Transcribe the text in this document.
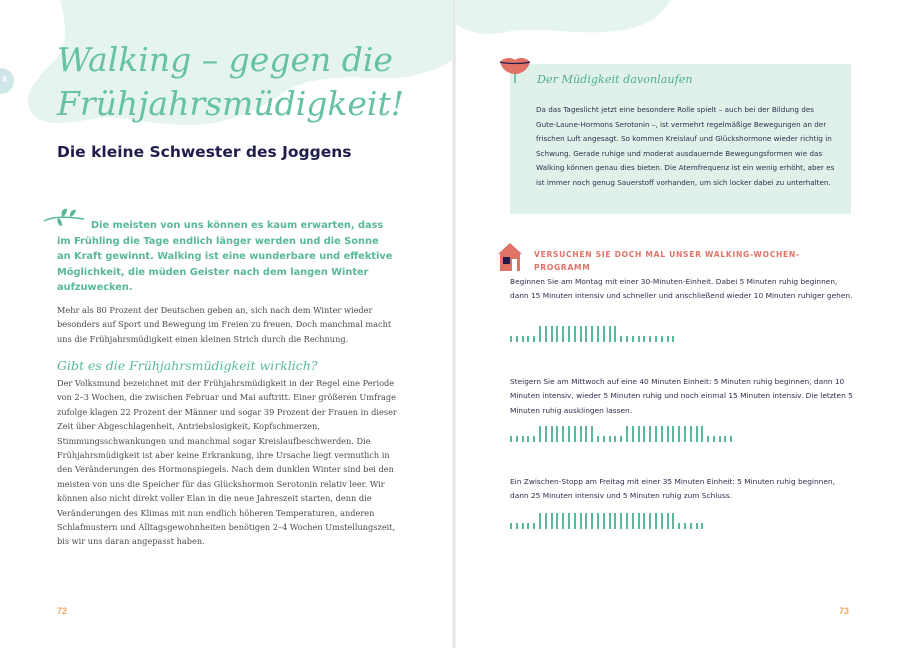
8
Walking – gegen die Frühjahrsmüdigkeit!
Die kleine Schwester des Joggens

Die meisten von uns können es kaum erwarten, dass im Frühling die Tage endlich länger werden und die Sonne an Kraft gewinnt. Walking ist eine wunderbare und effektive Möglichkeit, die müden Geister nach dem langen Winter aufzuwecken.

Mehr als 80 Prozent der Deutschen geben an, sich nach dem Winter wieder besonders auf Sport und Bewegung im Freien zu freuen. Doch manchmal macht uns die Frühjahrsmüdigkeit einen kleinen Strich durch die Rechnung.

Gibt es die Frühjahrsmüdigkeit wirklich?

Der Volksmund bezeichnet mit der Frühjahrsmüdigkeit in der Regel eine Periode von 2–3 Wochen, die zwischen Februar und Mai auftritt. Einer größeren Umfrage zufolge klagen 22 Prozent der Männer und sogar 39 Prozent der Frauen in dieser Zeit über Abgeschlagenheit, Antriebslosigkeit, Kopfschmerzen, Stimmungsschwankungen und manchmal sogar Kreislaufbeschwerden. Die Frühjahrsmüdigkeit ist aber keine Erkrankung, ihre Ursache liegt vermutlich in den Veränderungen des Hormonspiegels. Nach dem dunklen Winter sind bei den meisten von uns die Speicher für das Glückshormon Serotonin relativ leer. Wir können also nicht direkt voller Elan in die neue Jahreszeit starten, denn die Veränderungen des Klimas mit nun endlich höheren Temperaturen, anderen Schlafmustern und Alltagsgewohnheiten benötigen 2–4 Wochen Umstellungszeit, bis wir uns daran angepasst haben.

72

Der Müdigkeit davonlaufen

Da das Tageslicht jetzt eine besondere Rolle spielt – auch bei der Bildung des Gute-Laune-Hormons Serotonin –, ist vermehrt regelmäßige Bewegungen an der frischen Luft angesagt. So kommen Kreislauf und Glückshormone wieder richtig in Schwung. Gerade ruhige und moderat ausdauernde Bewegungsformen wie das Walking können genau dies bieten. Die Atemfrequenz ist ein wenig erhöht, aber es ist immer noch genug Sauerstoff vorhanden, um sich locker dabei zu unterhalten.

VERSUCHEN SIE DOCH MAL UNSER WALKING-WOCHEN-PROGRAMM

Beginnen Sie am Montag mit einer 30-Minuten-Einheit. Dabei 5 Minuten ruhig beginnen, dann 15 Minuten intensiv und schneller und anschließend wieder 10 Minuten ruhiger gehen.

Steigern Sie am Mittwoch auf eine 40 Minuten Einheit: 5 Minuten ruhig beginnen, dann 10 Minuten intensiv, wieder 5 Minuten ruhig und noch einmal 15 Minuten intensiv. Die letzten 5 Minuten ruhig ausklingen lassen.

Ein Zwischen-Stopp am Freitag mit einer 35 Minuten Einheit: 5 Minuten ruhig beginnen, dann 25 Minuten intensiv und 5 Minuten ruhig zum Schluss.

73
